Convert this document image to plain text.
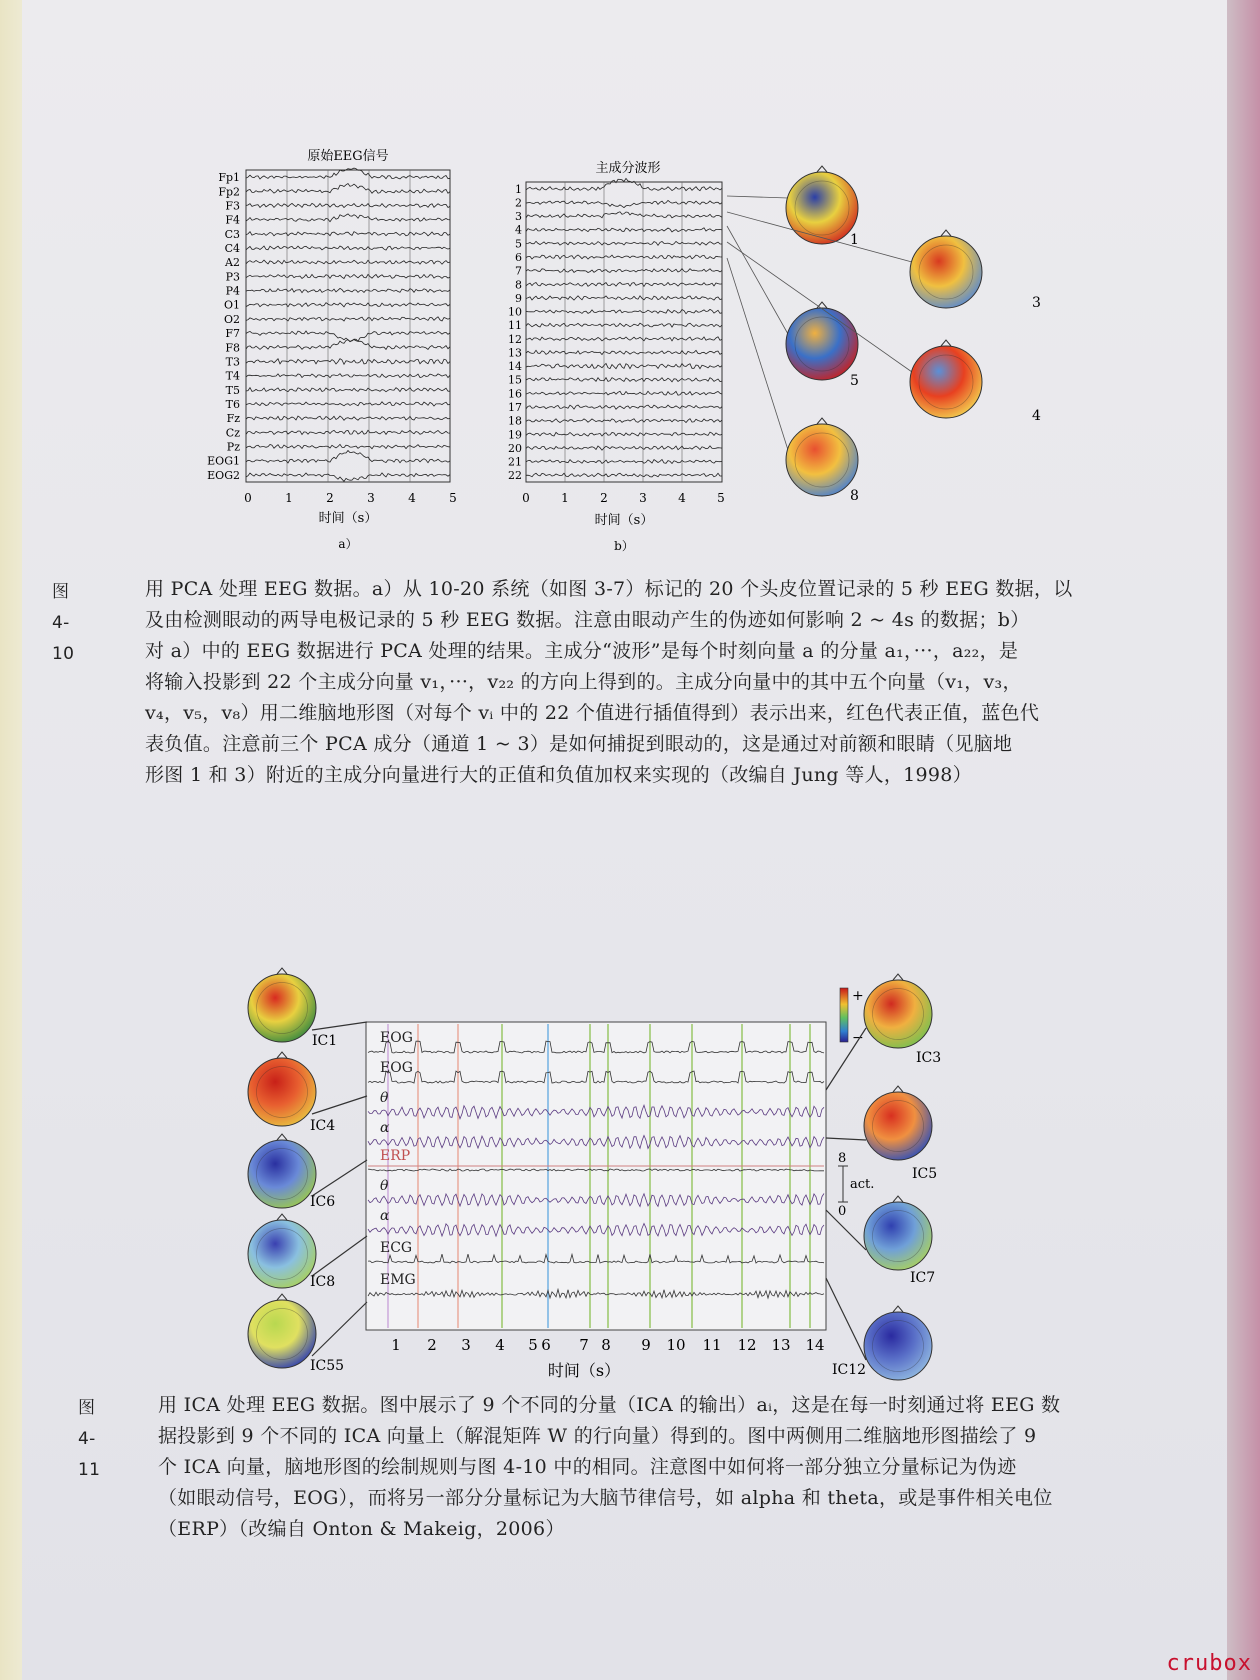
原始EEG信号
Fp1
Fp2
F3
F4
C3
C4
A2
P3
P4
O1
O2
F7
F8
T3
T4
T5
T6
Fz
Cz
Pz
EOG1
EOG2
0	1	2	3	4	5
时间（s）
a）
主成分波形
1
2
3
4
5
6
7
8
9
10
11
12
13
14
15
16
17
18
19
20
21
22
0	1	2	3	4	5
时间（s）
b）
1
3
5
4
8
EOG
EOG
θ
α
ERP
θ
α
ECG
EMG
1 2 3 4 5 6 7 8 9 10 11 12 13 14
时间（s）
8
act.
0
+
−
IC1
IC4
IC6
IC8
IC55
IC3
IC5
IC7
IC12
图 4-10
用 PCA 处理 EEG 数据。a）从 10-20 系统（如图 3-7）标记的 20 个头皮位置记录的 5 秒 EEG 数据，以
及由检测眼动的两导电极记录的 5 秒 EEG 数据。注意由眼动产生的伪迹如何影响 2 ~ 4s 的数据；b）
对 a）中的 EEG 数据进行 PCA 处理的结果。主成分“波形”是每个时刻向量 a 的分量 a₁，···，a₂₂，是
将输入投影到 22 个主成分向量 v₁，···，v₂₂ 的方向上得到的。主成分向量中的其中五个向量（v₁，v₃，
v₄，v₅，v₈）用二维脑地形图（对每个 vᵢ 中的 22 个值进行插值得到）表示出来，红色代表正值，蓝色代
表负值。注意前三个 PCA 成分（通道 1 ~ 3）是如何捕捉到眼动的，这是通过对前额和眼睛（见脑地
形图 1 和 3）附近的主成分向量进行大的正值和负值加权来实现的（改编自 Jung 等人，1998）
图 4-11
用 ICA 处理 EEG 数据。图中展示了 9 个不同的分量（ICA 的输出）aᵢ，这是在每一时刻通过将 EEG 数
据投影到 9 个不同的 ICA 向量上（解混矩阵 W 的行向量）得到的。图中两侧用二维脑地形图描绘了 9
个 ICA 向量，脑地形图的绘制规则与图 4-10 中的相同。注意图中如何将一部分独立分量标记为伪迹
（如眼动信号，EOG），而将另一部分分量标记为大脑节律信号，如 alpha 和 theta，或是事件相关电位
（ERP）（改编自 Onton & Makeig，2006）
crubox
